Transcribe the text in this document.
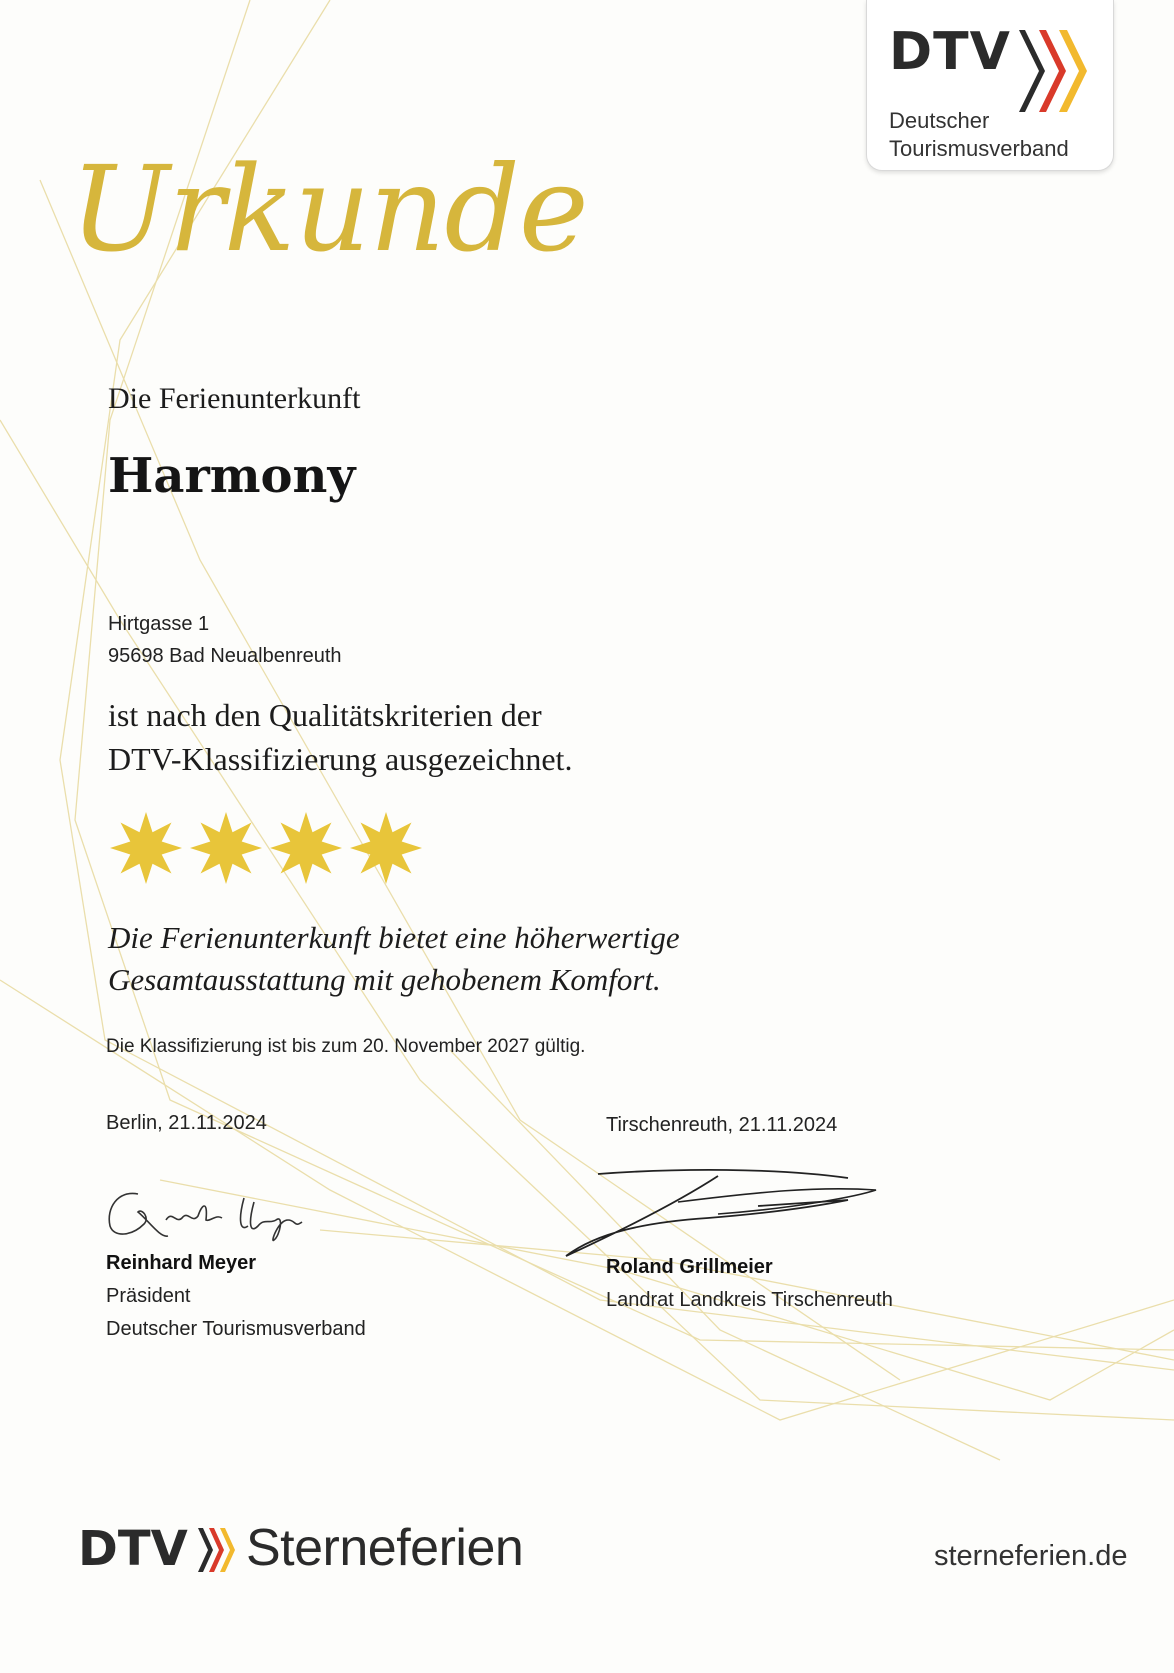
DTV
Deutscher
Tourismusverband
Urkunde
Die Ferienunterkunft
Harmony
Hirtgasse 1
95698 Bad Neualbenreuth
ist nach den Qualitätskriterien der
DTV-Klassifizierung ausgezeichnet.
Die Ferienunterkunft bietet eine höherwertige
Gesamtausstattung mit gehobenem Komfort.
Die Klassifizierung ist bis zum 20. November 2027 gültig.
Berlin, 21.11.2024	Tirschenreuth, 21.11.2024
Reinhard Meyer
Präsident
Deutscher Tourismusverband
Roland Grillmeier
Landrat Landkreis Tirschenreuth
DTV Sterneferien	sterneferien.de
